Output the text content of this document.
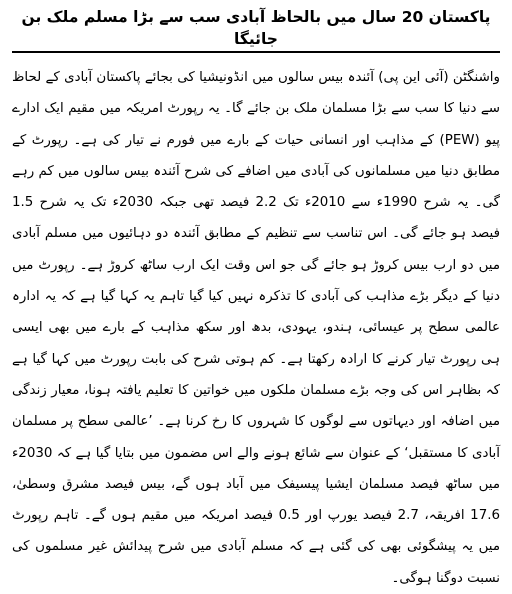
پاکستان 20 سال میں بالحاظ آبادی سب سے بڑا مسلم ملک بن جائیگا

واشنگٹن (آئی این پی) آئندہ بیس سالوں میں انڈونیشیا کی بجائے پاکستان آبادی کے لحاظ سے دنیا کا سب سے بڑا مسلمان ملک بن جائے گا۔ یہ رپورٹ امریکہ میں مقیم ایک ادارے پیو (PEW) کے مذاہب اور انسانی حیات کے بارے میں فورم نے تیار کی ہے۔ رپورٹ کے مطابق دنیا میں مسلمانوں کی آبادی میں اضافے کی شرح آئندہ بیس سالوں میں کم رہے گی۔ یہ شرح 1990ء سے 2010ء تک 2.2 فیصد تھی جبکہ 2030ء تک یہ شرح 1.5 فیصد ہو جائے گی۔ اس تناسب سے تنظیم کے مطابق آئندہ دو دہائیوں میں مسلم آبادی میں دو ارب بیس کروڑ ہو جائے گی جو اس وقت ایک ارب ساٹھ کروڑ ہے۔ رپورٹ میں دنیا کے دیگر بڑے مذاہب کی آبادی کا تذکرہ نہیں کیا گیا تاہم یہ کہا گیا ہے کہ یہ ادارہ عالمی سطح پر عیسائی، ہندو، یہودی، بدھ اور سکھ مذاہب کے بارے میں بھی ایسی ہی رپورٹ تیار کرنے کا ارادہ رکھتا ہے۔ کم ہوتی شرح کی بابت رپورٹ میں کہا گیا ہے کہ بظاہر اس کی وجہ بڑے مسلمان ملکوں میں خواتین کا تعلیم یافتہ ہونا، معیار زندگی میں اضافہ اور دیہاتوں سے لوگوں کا شہروں کا رخ کرنا ہے۔ ’عالمی سطح پر مسلمان آبادی کا مستقبل‘ کے عنوان سے شائع ہونے والے اس مضمون میں بتایا گیا ہے کہ 2030ء میں ساٹھ فیصد مسلمان ایشیا پیسیفک میں آباد ہوں گے، بیس فیصد مشرق وسطیٰ، 17.6 افریقہ، 2.7 فیصد یورپ اور 0.5 فیصد امریکہ میں مقیم ہوں گے۔ تاہم رپورٹ میں یہ پیشگوئی بھی کی گئی ہے کہ مسلم آبادی میں شرح پیدائش غیر مسلموں کی نسبت دوگنا ہوگی۔
